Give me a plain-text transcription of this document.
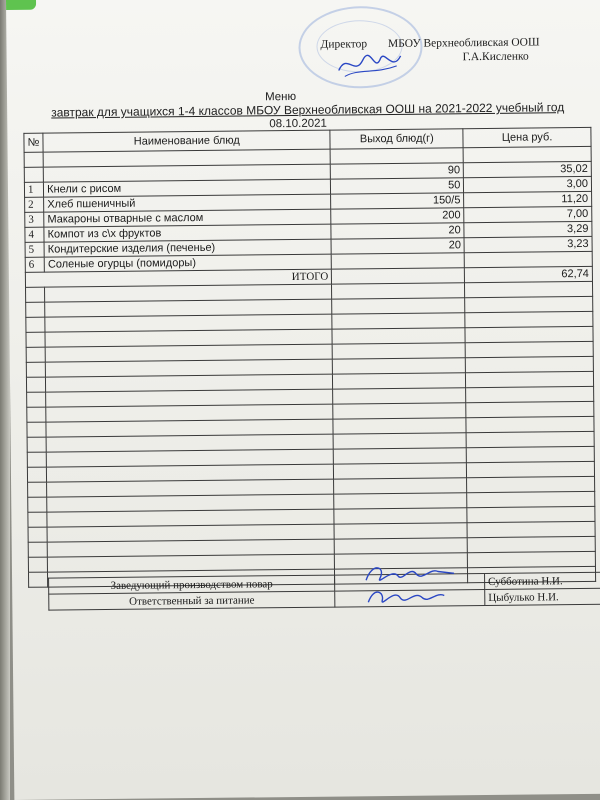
Директор МБОУ Верхнеобливская ООШ
Г.А.Кисленко
Меню
завтрак для учащихся 1-4 классов МБОУ Верхнеобливская ООШ на 2021-2022 учебный год
08.10.2021
№	Наименование блюд	Выход блюд(г)	Цена руб.

		90	35,02
1	Кнели с рисом	50	3,00
2	Хлеб пшеничный	150/5	11,20
3	Макароны отварные с маслом	200	7,00
4	Компот из с\х фруктов	20	3,29
5	Кондитерские изделия (печенье)	20	3,23
6	Соленые огурцы (помидоры)		
ИТОГО			62,74

Заведующий производством повар		Субботина Н.И.
Ответственный за питание		Цыбулько Н.И.
